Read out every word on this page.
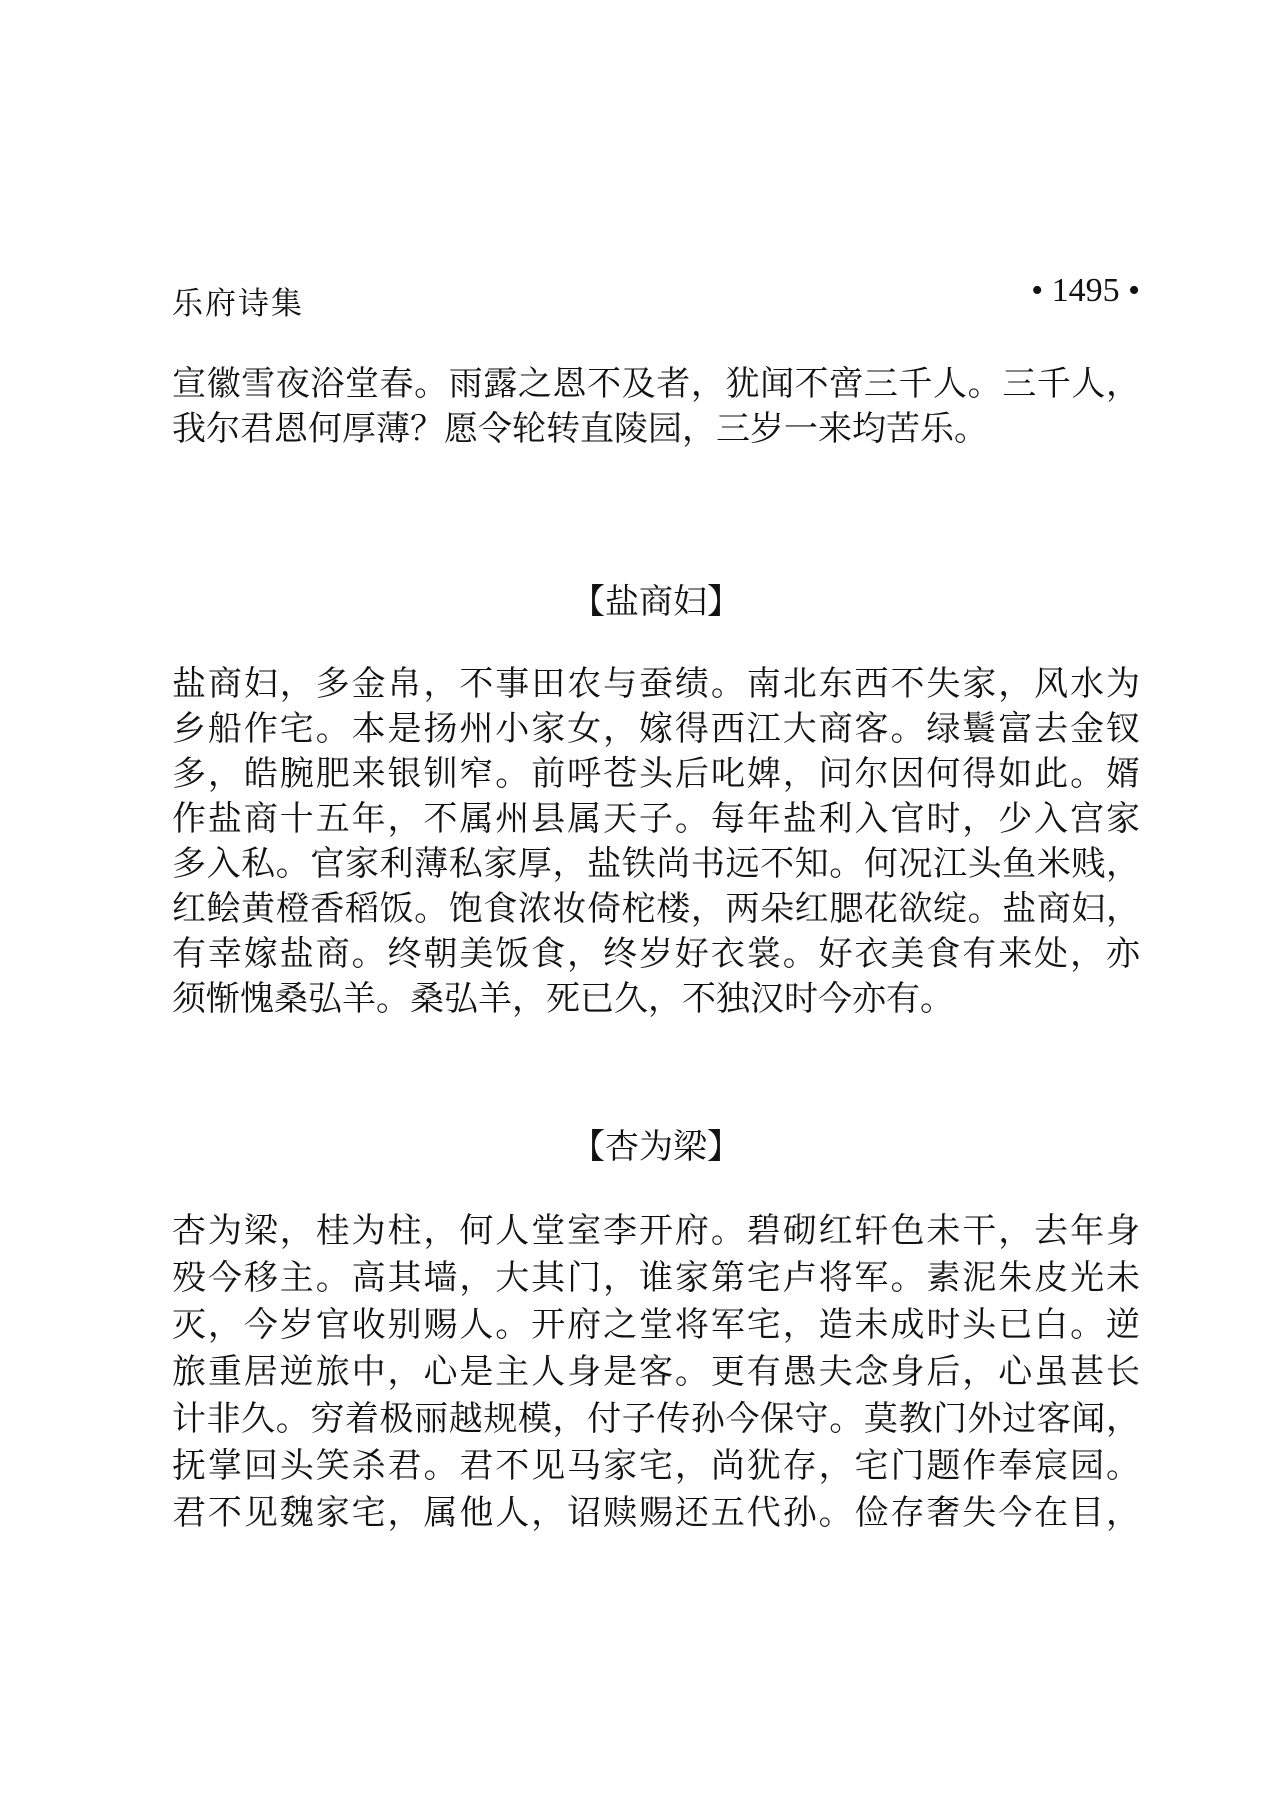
乐府诗集	• 1495 •

宣徽雪夜浴堂春。雨露之恩不及者，犹闻不啻三千人。三千人，

我尔君恩何厚薄？愿令轮转直陵园，三岁一来均苦乐。

【盐商妇】

盐商妇，多金帛，不事田农与蚕绩。南北东西不失家，风水为

乡船作宅。本是扬州小家女，嫁得西江大商客。绿鬟富去金钗

多，皓腕肥来银钏窄。前呼苍头后叱婢，问尔因何得如此。婿

作盐商十五年，不属州县属天子。每年盐利入官时，少入宫家

多入私。官家利薄私家厚，盐铁尚书远不知。何况江头鱼米贱，

红鲙黄橙香稻饭。饱食浓妆倚柁楼，两朵红腮花欲绽。盐商妇，

有幸嫁盐商。终朝美饭食，终岁好衣裳。好衣美食有来处，亦

须惭愧桑弘羊。桑弘羊，死已久，不独汉时今亦有。

【杏为梁】

杏为梁，桂为柱，何人堂室李开府。碧砌红轩色未干，去年身

殁今移主。高其墙，大其门，谁家第宅卢将军。素泥朱皮光未

灭，今岁官收别赐人。开府之堂将军宅，造未成时头已白。逆

旅重居逆旅中，心是主人身是客。更有愚夫念身后，心虽甚长

计非久。穷着极丽越规模，付子传孙今保守。莫教门外过客闻，

抚掌回头笑杀君。君不见马家宅，尚犹存，宅门题作奉宸园。

君不见魏家宅，属他人，诏赎赐还五代孙。俭存奢失今在目，
